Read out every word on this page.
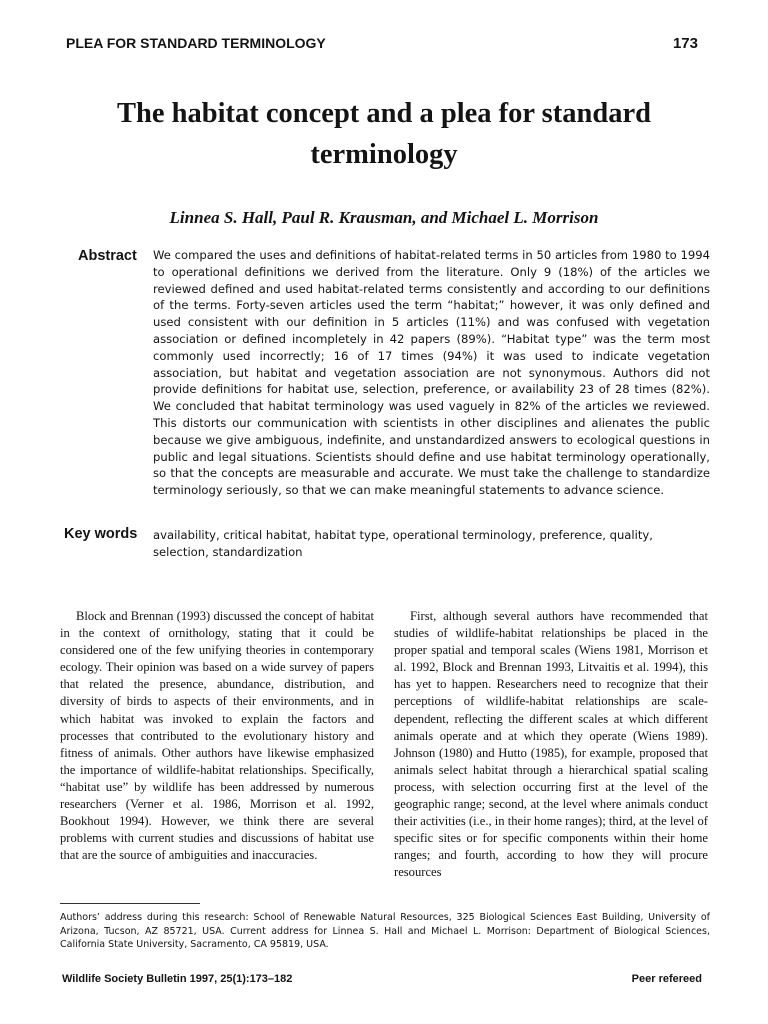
PLEA FOR STANDARD TERMINOLOGY	173
The habitat concept and a plea for standard terminology
Linnea S. Hall, Paul R. Krausman, and Michael L. Morrison
Abstract We compared the uses and definitions of habitat-related terms in 50 articles from 1980 to 1994 to operational definitions we derived from the literature. Only 9 (18%) of the articles we reviewed defined and used habitat-related terms consistently and according to our definitions of the terms. Forty-seven articles used the term “habitat;” however, it was only defined and used consistent with our definition in 5 articles (11%) and was confused with vegetation association or defined incompletely in 42 papers (89%). “Habitat type” was the term most commonly used incorrectly; 16 of 17 times (94%) it was used to indicate vegetation association, but habitat and vegetation association are not synonymous. Authors did not provide definitions for habitat use, selection, preference, or availability 23 of 28 times (82%). We concluded that habitat terminology was used vaguely in 82% of the articles we reviewed. This distorts our communication with scientists in other disciplines and alienates the public because we give ambiguous, indefinite, and unstandardized answers to ecological questions in public and legal situations. Scientists should define and use habitat terminology operationally, so that the concepts are measurable and accurate. We must take the challenge to standardize terminology seriously, so that we can make meaningful statements to advance science.

Key words availability, critical habitat, habitat type, operational terminology, preference, quality, selection, standardization

Block and Brennan (1993) discussed the concept of habitat in the context of ornithology, stating that it could be considered one of the few unifying theories in contemporary ecology. Their opinion was based on a wide survey of papers that related the presence, abundance, distribution, and diversity of birds to aspects of their environments, and in which habitat was invoked to explain the factors and processes that contributed to the evolutionary history and fitness of animals. Other authors have likewise emphasized the importance of wildlife-habitat relationships. Specifically, “habitat use” by wildlife has been addressed by numerous researchers (Verner et al. 1986, Morrison et al. 1992, Bookhout 1994). However, we think there are several problems with current studies and discussions of habitat use that are the source of ambiguities and inaccuracies.

First, although several authors have recommended that studies of wildlife-habitat relationships be placed in the proper spatial and temporal scales (Wiens 1981, Morrison et al. 1992, Block and Brennan 1993, Litvaitis et al. 1994), this has yet to happen. Researchers need to recognize that their perceptions of wildlife-habitat relationships are scale-dependent, reflecting the different scales at which different animals operate and at which they operate (Wiens 1989). Johnson (1980) and Hutto (1985), for example, proposed that animals select habitat through a hierarchical spatial scaling process, with selection occurring first at the level of the geographic range; second, at the level where animals conduct their activities (i.e., in their home ranges); third, at the level of specific sites or for specific components within their home ranges; and fourth, according to how they will procure resources

Authors’ address during this research: School of Renewable Natural Resources, 325 Biological Sciences East Building, University of Arizona, Tucson, AZ 85721, USA. Current address for Linnea S. Hall and Michael L. Morrison: Department of Biological Sciences, California State University, Sacramento, CA 95819, USA.

Wildlife Society Bulletin 1997, 25(1):173–182	Peer refereed
